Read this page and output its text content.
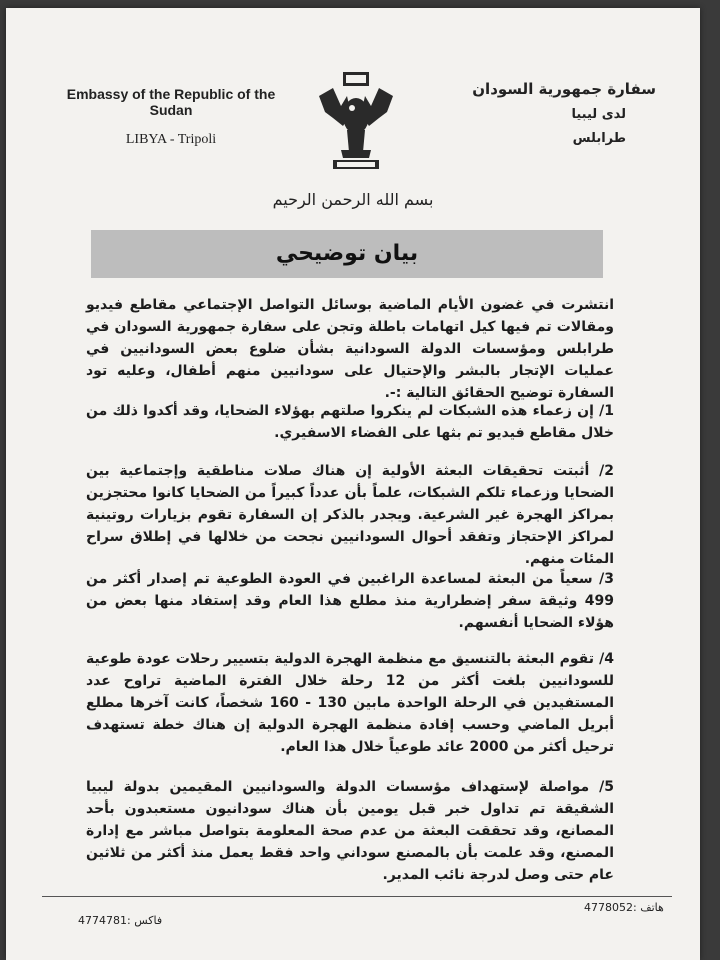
Embassy of the Republic of the Sudan
LIBYA - Tripoli
سفارة جمهورية السودان
لدى ليبيا
طرابلس
بسم الله الرحمن الرحيم
بيان توضيحي
انتشرت في غضون الأيام الماضية بوسائل التواصل الإجتماعي مقاطع فيديو ومقالات تم فيها كيل اتهامات باطلة وتجن على سفارة جمهورية السودان في طرابلس ومؤسسات الدولة السودانية بشأن ضلوع بعض السودانيين في عمليات الإتجار بالبشر والإحتيال على سودانيين منهم أطفال، وعليه تود السفارة توضيح الحقائق التالية :-.
1/ إن زعماء هذه الشبكات لم ينكروا صلتهم بهؤلاء الضحايا، وقد أكدوا ذلك من خلال مقاطع فيديو تم بثها على الفضاء الاسفيري.
2/ أثبتت تحقيقات البعثة الأولية إن هناك صلات مناطقية وإجتماعية بين الضحايا وزعماء تلكم الشبكات، علماً بأن عدداً كبيراً من الضحايا كانوا محتجزين بمراكز الهجرة غير الشرعية. ويجدر بالذكر إن السفارة تقوم بزيارات روتينية لمراكز الإحتجاز وتفقد أحوال السودانيين نجحت من خلالها في إطلاق سراح المئات منهم.
3/ سعياً من البعثة لمساعدة الراغبين في العودة الطوعية تم إصدار أكثر من 499 وثيقة سفر إضطرارية منذ مطلع هذا العام وقد إستفاد منها بعض من هؤلاء الضحايا أنفسهم.
4/ تقوم البعثة بالتنسيق مع منظمة الهجرة الدولية بتسيير رحلات عودة طوعية للسودانيين بلغت أكثر من 12 رحلة خلال الفترة الماضية تراوح عدد المستفيدين في الرحلة الواحدة مابين 130 - 160 شخصاً، كانت آخرها مطلع أبريل الماضي وحسب إفادة منظمة الهجرة الدولية إن هناك خطة تستهدف ترحيل أكثر من 2000 عائد طوعياً خلال هذا العام.
5/ مواصلة لإستهداف مؤسسات الدولة والسودانيين المقيمين بدولة ليبيا الشقيقة تم تداول خبر قبل يومين بأن هناك سودانيون مستعبدون بأحد المصانع، وقد تحققت البعثة من عدم صحة المعلومة بتواصل مباشر مع إدارة المصنع، وقد علمت بأن بالمصنع سوداني واحد فقط يعمل منذ أكثر من ثلاثين عام حتى وصل لدرجة نائب المدير.
هاتف :4778052
فاكس :4774781
